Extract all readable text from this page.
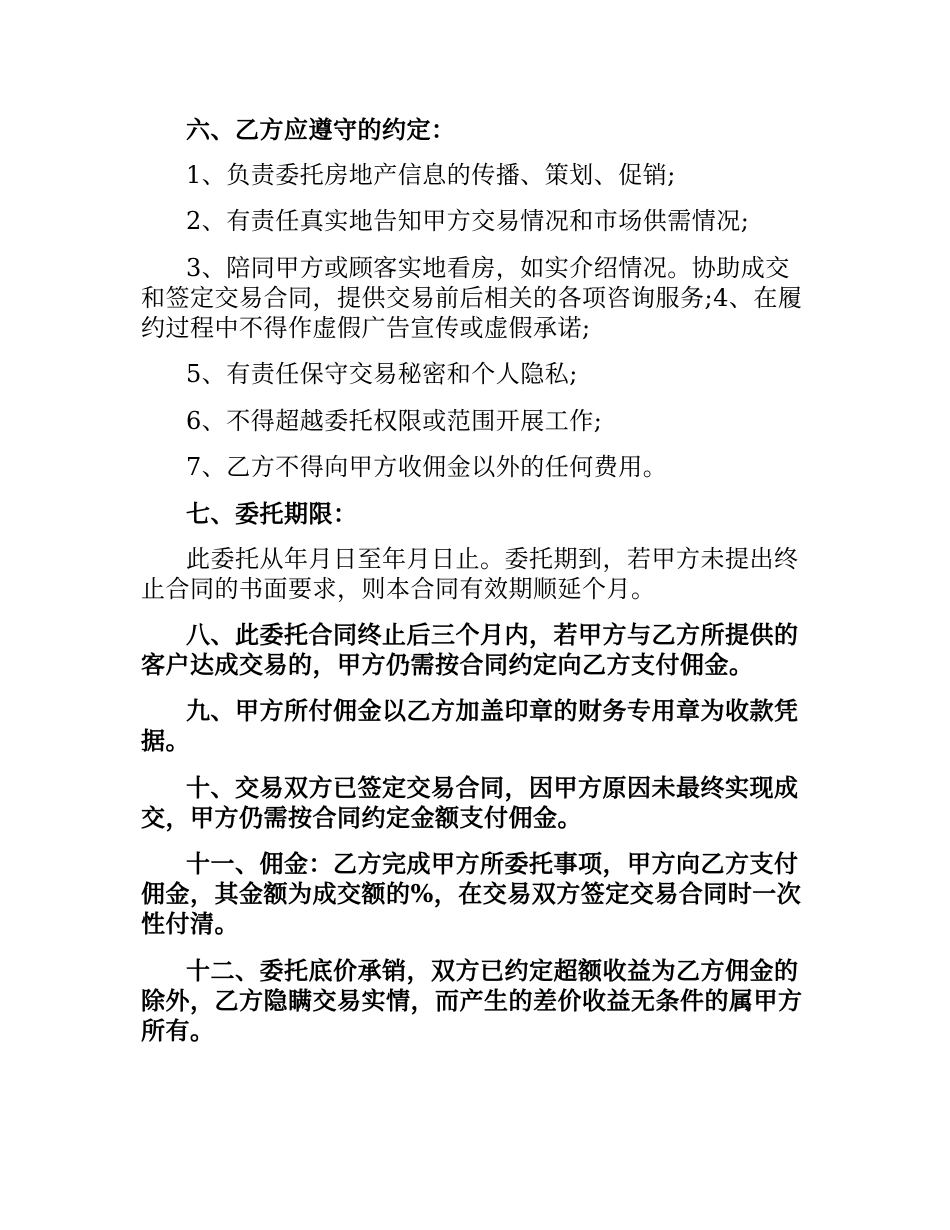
六、乙方应遵守的约定：

1、负责委托房地产信息的传播、策划、促销;

2、有责任真实地告知甲方交易情况和市场供需情况;

3、陪同甲方或顾客实地看房，如实介绍情况。协助成交和签定交易合同，提供交易前后相关的各项咨询服务;4、在履约过程中不得作虚假广告宣传或虚假承诺;

5、有责任保守交易秘密和个人隐私;

6、不得超越委托权限或范围开展工作;

7、乙方不得向甲方收佣金以外的任何费用。

七、委托期限：

此委托从年月日至年月日止。委托期到，若甲方未提出终止合同的书面要求，则本合同有效期顺延个月。

八、此委托合同终止后三个月内，若甲方与乙方所提供的客户达成交易的，甲方仍需按合同约定向乙方支付佣金。

九、甲方所付佣金以乙方加盖印章的财务专用章为收款凭据。

十、交易双方已签定交易合同，因甲方原因未最终实现成交，甲方仍需按合同约定金额支付佣金。

十一、佣金：乙方完成甲方所委托事项，甲方向乙方支付佣金，其金额为成交额的%，在交易双方签定交易合同时一次性付清。

十二、委托底价承销，双方已约定超额收益为乙方佣金的除外，乙方隐瞒交易实情，而产生的差价收益无条件的属甲方所有。
